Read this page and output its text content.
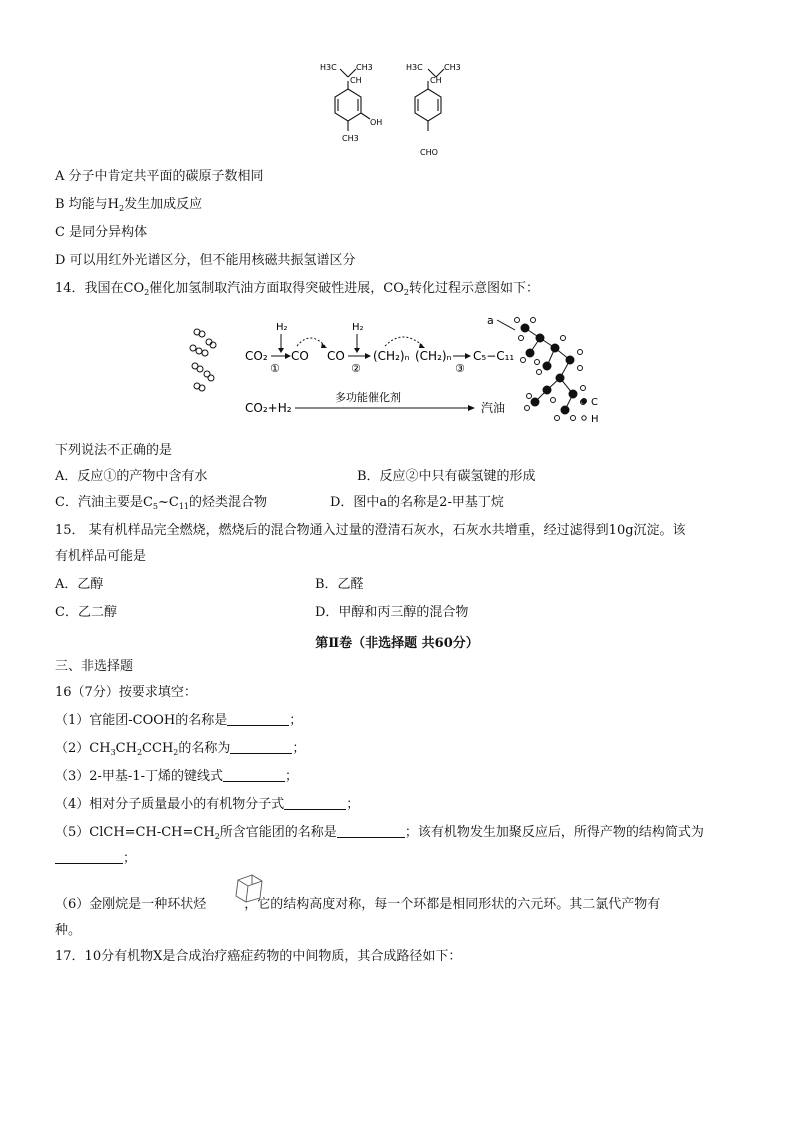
H3C CH3
CH
OH
CH3
H3C	CH3
CH
CHO
A 分子中肯定共平面的碳原子数相同
B 均能与$H_2$发生加成反应
C 是同分异构体
D 可以用红外光谱区分，但不能用核磁共振氢谱区分
14．我国在$CO_2$催化加氢制取汽油方面取得突破性进展，$CO_2$转化过程示意图如下：
CO₂
H₂
①
CO CO
H₂
②
(CH₂)ₙ (CH₂)ₙ
③
C₅−C₁₁
CO₂+H₂
多功能催化剂
汽油
a
C
H
下列说法不正确的是
A．反应①的产物中含有水	B．反应②中只有碳氢键的形成
C．汽油主要是$C_5\sim C_{11}$的烃类混合物	D．图中a的名称是2-甲基丁烷
15． 某有机样品完全燃烧，燃烧后的混合物通入过量的澄清石灰水，石灰水共增重，经过滤得到10g沉淀。该
有机样品可能是
A．乙醇	B．乙醛
C．乙二醇	D．甲醇和丙三醇的混合物
第Ⅱ卷（非选择题 共60分）
三、非选择题
16（7分）按要求填空：
（1）官能团-COOH的名称是	；
$(2)CH_3CH_2CCH_2$的名称为	；
（3）2-甲基-1-丁烯的键线式	；
（4）相对分子质量最小的有机物分子式	；
$(5)ClCH=CH-CH=CH_2$所含官能团的名称是	；该有机物发生加聚反应后，所得产物的结构简式为
；
（6）金刚烷是一种环状烃	，它的结构高度对称，每一个环都是相同形状的六元环。其二氯代产物有
种。
17．10分有机物X是合成治疗癌症药物的中间物质，其合成路径如下：
